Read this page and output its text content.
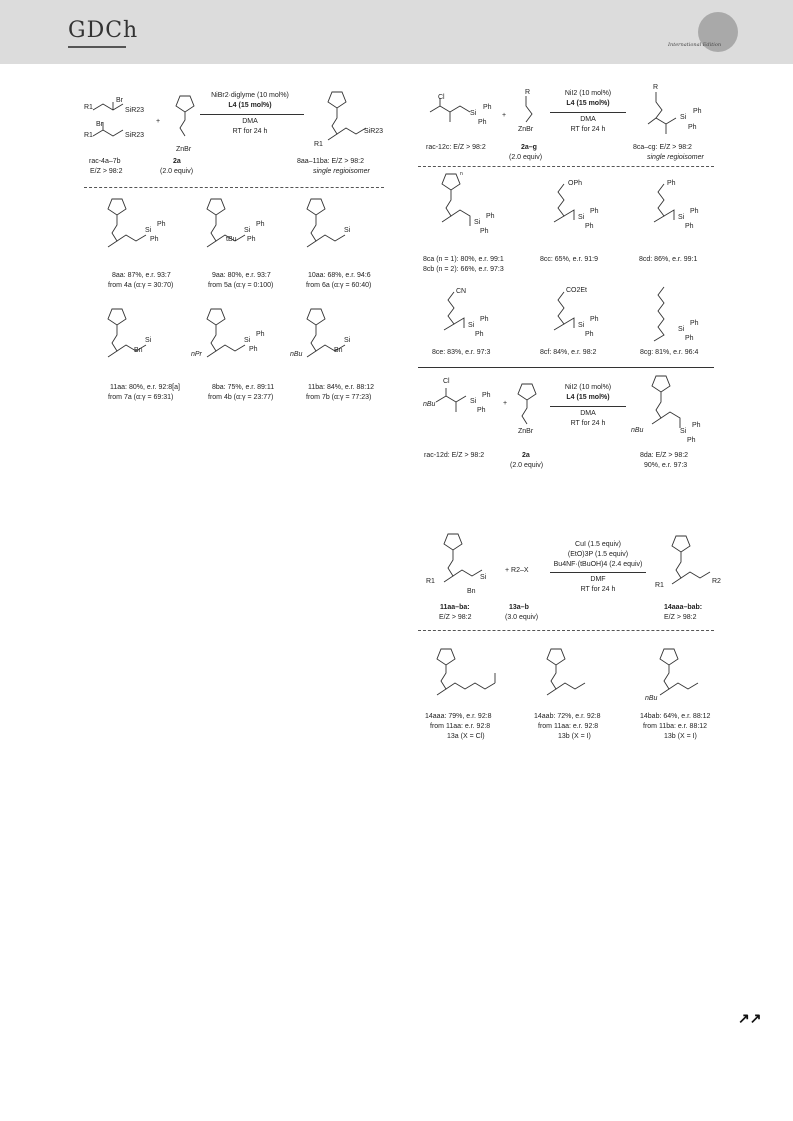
GDCh
International Edition
Br
R1	SiR23
Br
R1	SiR23
+
ZnBr
NiBr2·diglyme (10 mol%)
L4 (15 mol%)
DMA
RT for 24 h
R1
SiR23
rac-4a–7b
E/Z > 98:2
2a
(2.0 equiv)
8aa–11ba: E/Z > 98:2
single regioisomer
Si
Ph
Ph
Si
Ph
tBu Ph
Si
8aa: 87%, e.r. 93:7
from 4a (α:γ = 30:70)
9aa: 80%, e.r. 93:7
from 5a (α:γ = 0:100)
10aa: 68%, e.r. 94:6
from 6a (α:γ = 60:40)
Si
Bn
nPr
Si
Ph
Ph
nBu
Si
Bn
11aa: 80%, e.r. 92:8[a]
from 7a (α:γ = 69:31)
8ba: 75%, e.r. 89:11
from 4b (α:γ = 23:77)
11ba: 84%, e.r. 88:12
from 7b (α:γ = 77:23)
Cl
Si
Ph
Ph
+
R
ZnBr
NiI2 (10 mol%)
L4 (15 mol%)
DMA
RT for 24 h
R
Si
Ph
Ph
rac-12c: E/Z > 98:2	2a–g
(2.0 equiv)
8ca–cg: E/Z > 98:2
single regioisomer
n
Si
Ph
Ph
OPh
Si
Ph
Ph
Ph
Si
Ph
Ph
8ca (n = 1): 80%, e.r. 99:1
8cb (n = 2): 66%, e.r. 97:3
8cc: 65%, e.r. 91:9	8cd: 86%, e.r. 99:1
CN
Si
Ph
Ph
CO2Et
Si
Ph
Ph
Si
Ph
Ph
8ce: 83%, e.r. 97:3	8cf: 84%, e.r. 98:2	8cg: 81%, e.r. 96:4
Cl
nBu	Si
Ph
Ph
+
ZnBr
NiI2 (10 mol%)
L4 (15 mol%)
DMA
RT for 24 h
nBu	Si
Ph
Ph
rac-12d: E/Z > 98:2	2a
(2.0 equiv)
8da: E/Z > 98:2
90%, e.r. 97:3
R1
Si
Bn
+ R2–X
CuI (1.5 equiv)
(EtO)3P (1.5 equiv)
Bu4NF·(tBuOH)4 (2.4 equiv)
DMF
RT for 24 h
R1
R2
11aa–ba:
E/Z > 98:2
13a–b
(3.0 equiv)
14aaa–bab:
E/Z > 98:2
nBu
14aaa: 79%, e.r. 92:8
from 11aa: e.r. 92:8
13a (X = Cl)
14aab: 72%, e.r. 92:8
from 11aa: e.r. 92:8
13b (X = I)
14bab: 64%, e.r. 88:12
from 11ba: e.r. 88:12
13b (X = I)
↗↗
